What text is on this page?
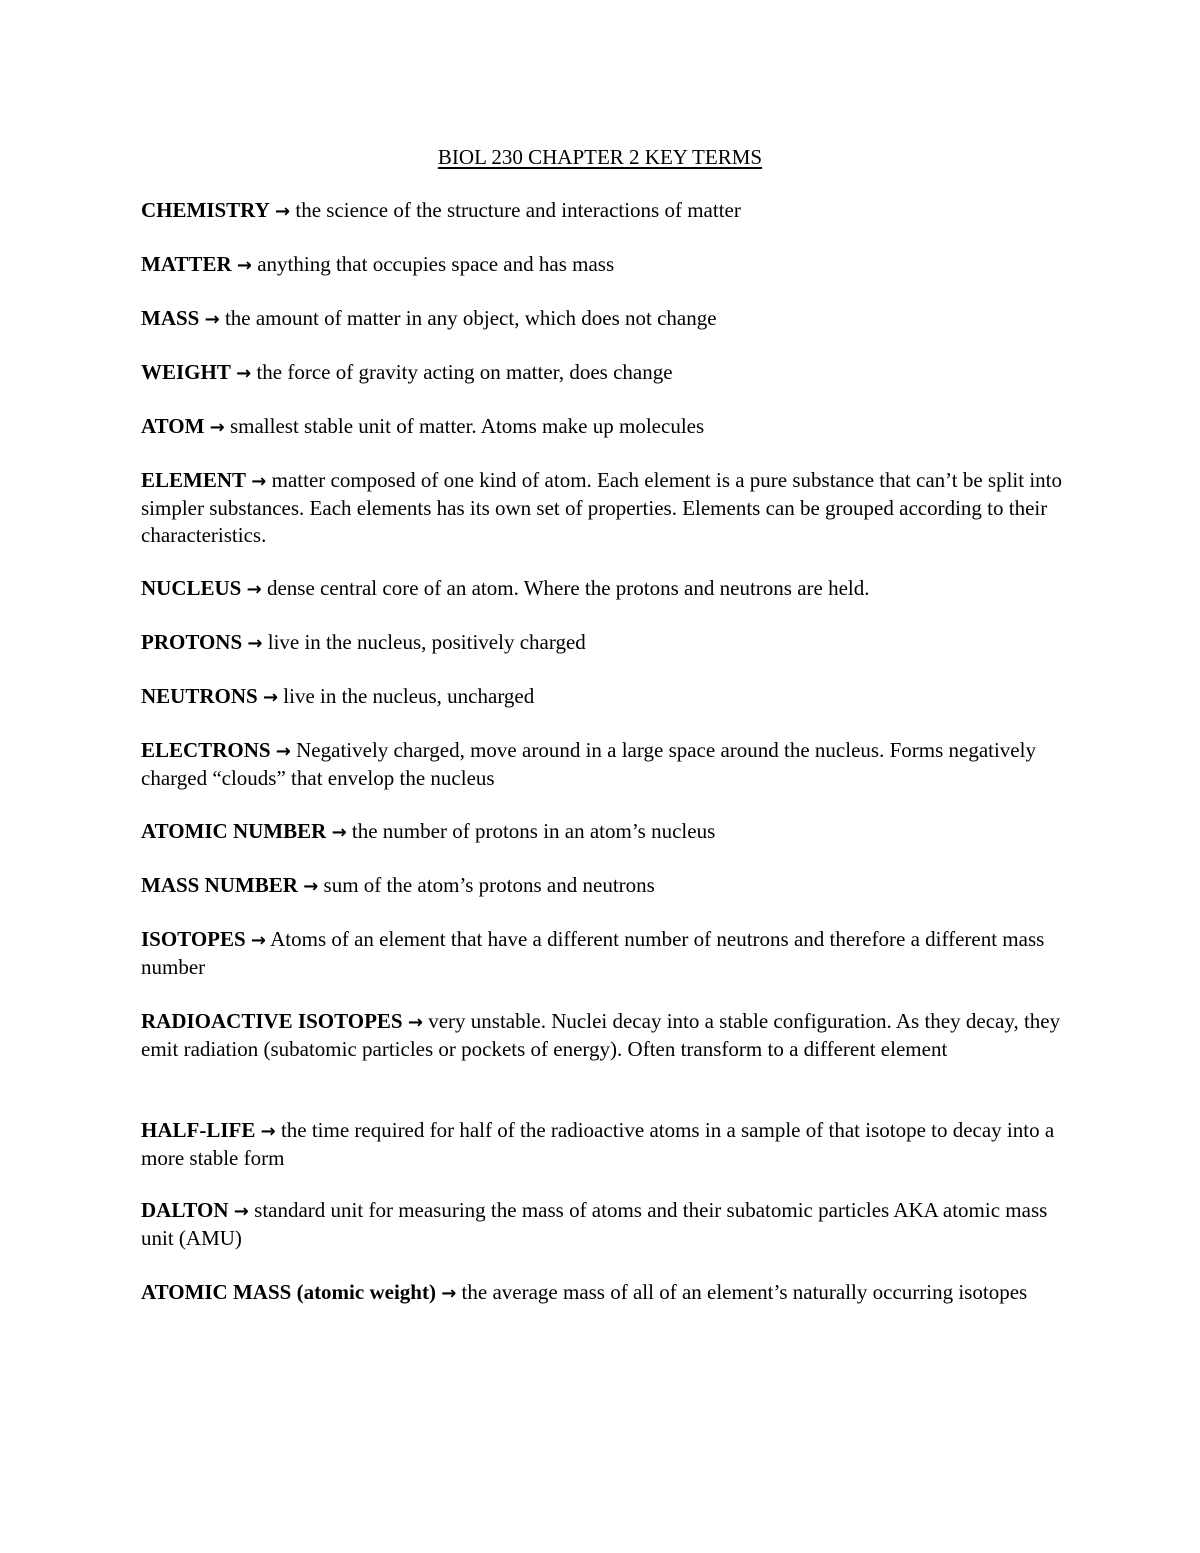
BIOL 230 CHAPTER 2 KEY TERMS

CHEMISTRY → the science of the structure and interactions of matter

MATTER → anything that occupies space and has mass

MASS → the amount of matter in any object, which does not change

WEIGHT → the force of gravity acting on matter, does change

ATOM → smallest stable unit of matter. Atoms make up molecules

ELEMENT → matter composed of one kind of atom. Each element is a pure substance that can’t be split into simpler substances. Each elements has its own set of properties. Elements can be grouped according to their characteristics.

NUCLEUS → dense central core of an atom. Where the protons and neutrons are held.

PROTONS → live in the nucleus, positively charged

NEUTRONS → live in the nucleus, uncharged

ELECTRONS → Negatively charged, move around in a large space around the nucleus. Forms negatively charged “clouds” that envelop the nucleus

ATOMIC NUMBER → the number of protons in an atom’s nucleus

MASS NUMBER → sum of the atom’s protons and neutrons

ISOTOPES → Atoms of an element that have a different number of neutrons and therefore a different mass number

RADIOACTIVE ISOTOPES → very unstable. Nuclei decay into a stable configuration. As they decay, they emit radiation (subatomic particles or pockets of energy). Often transform to a different element

HALF-LIFE → the time required for half of the radioactive atoms in a sample of that isotope to decay into a more stable form

DALTON → standard unit for measuring the mass of atoms and their subatomic particles AKA atomic mass unit (AMU)

ATOMIC MASS (atomic weight) → the average mass of all of an element’s naturally occurring isotopes
